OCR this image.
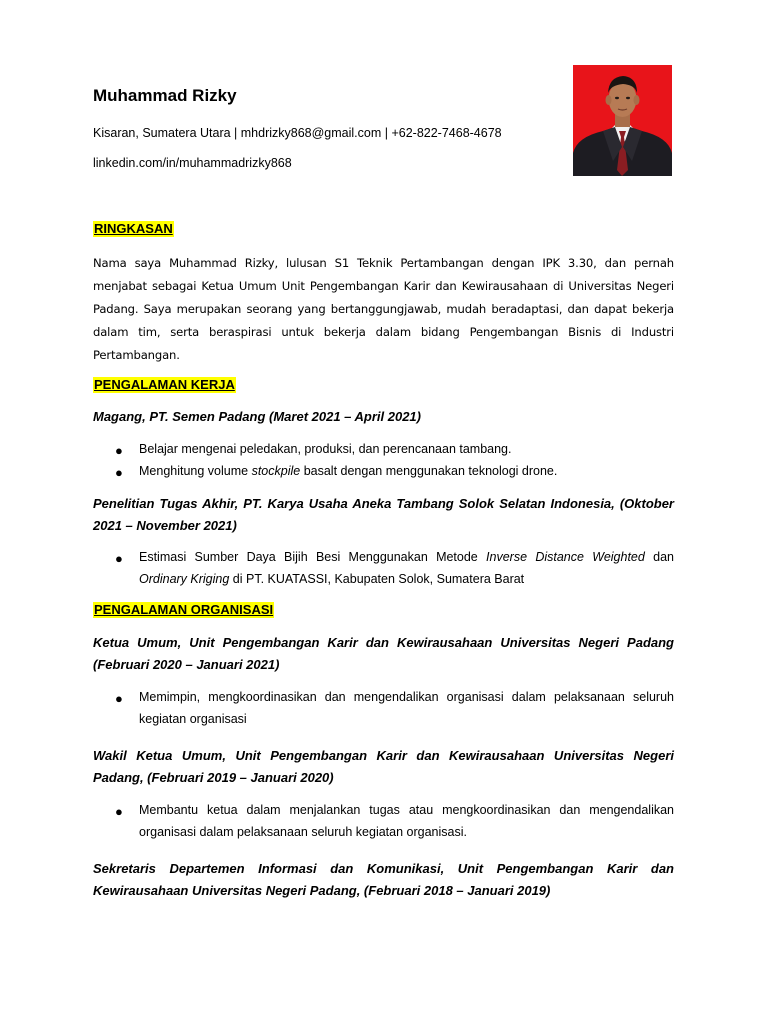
Muhammad Rizky

Kisaran, Sumatera Utara | mhdrizky868@gmail.com | +62-822-7468-4678

linkedin.com/in/muhammadrizky868

RINGKASAN

Nama saya Muhammad Rizky, lulusan S1 Teknik Pertambangan dengan IPK 3.30, dan pernah menjabat sebagai Ketua Umum Unit Pengembangan Karir dan Kewirausahaan di Universitas Negeri Padang. Saya merupakan seorang yang bertanggungjawab, mudah beradaptasi, dan dapat bekerja dalam tim, serta beraspirasi untuk bekerja dalam bidang Pengembangan Bisnis di Industri Pertambangan.

PENGALAMAN KERJA

Magang, PT. Semen Padang (Maret 2021 – April 2021)

● Belajar mengenai peledakan, produksi, dan perencanaan tambang.
● Menghitung volume stockpile basalt dengan menggunakan teknologi drone.

Penelitian Tugas Akhir, PT. Karya Usaha Aneka Tambang Solok Selatan Indonesia, (Oktober 2021 – November 2021)

● Estimasi Sumber Daya Bijih Besi Menggunakan Metode Inverse Distance Weighted dan Ordinary Kriging di PT. KUATASSI, Kabupaten Solok, Sumatera Barat
PENGALAMAN ORGANISASI

Ketua Umum, Unit Pengembangan Karir dan Kewirausahaan Universitas Negeri Padang (Februari 2020 – Januari 2021)

● Memimpin, mengkoordinasikan dan mengendalikan organisasi dalam pelaksanaan seluruh kegiatan organisasi

Wakil Ketua Umum, Unit Pengembangan Karir dan Kewirausahaan Universitas Negeri Padang, (Februari 2019 – Januari 2020)

● Membantu ketua dalam menjalankan tugas atau mengkoordinasikan dan mengendalikan organisasi dalam pelaksanaan seluruh kegiatan organisasi.

Sekretaris Departemen Informasi dan Komunikasi, Unit Pengembangan Karir dan Kewirausahaan Universitas Negeri Padang, (Februari 2018 – Januari 2019)
